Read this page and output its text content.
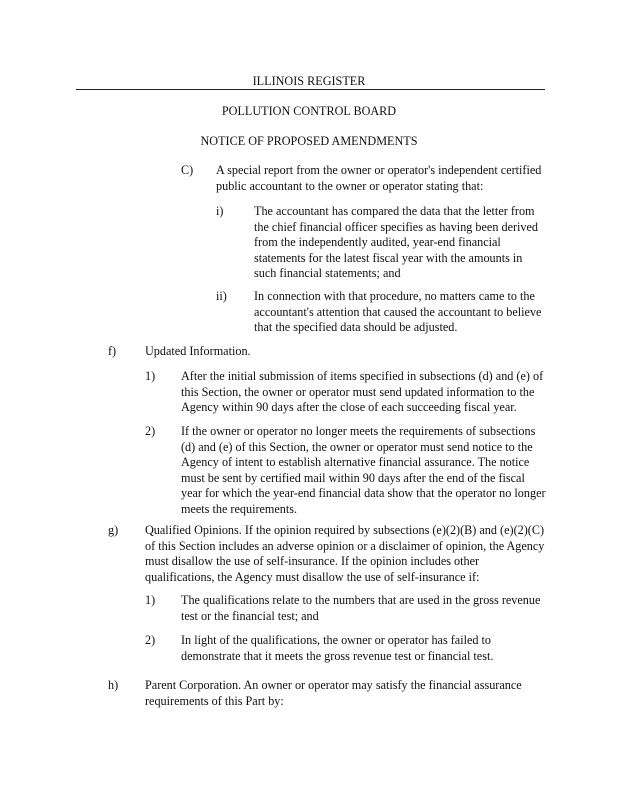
ILLINOIS REGISTER
POLLUTION CONTROL BOARD
NOTICE OF PROPOSED AMENDMENTS
C) A special report from the owner or operator's independent certified
public accountant to the owner or operator stating that:
i)	The accountant has compared the data that the letter from
the chief financial officer specifies as having been derived
from the independently audited, year-end financial
statements for the latest fiscal year with the amounts in
such financial statements; and
ii) In connection with that procedure, no matters came to the
accountant's attention that caused the accountant to believe
that the specified data should be adjusted.
f) Updated Information.
1) After the initial submission of items specified in subsections (d) and (e) of
this Section, the owner or operator must send updated information to the
Agency within 90 days after the close of each succeeding fiscal year.
2) If the owner or operator no longer meets the requirements of subsections
(d) and (e) of this Section, the owner or operator must send notice to the
Agency of intent to establish alternative financial assurance. The notice
must be sent by certified mail within 90 days after the end of the fiscal
year for which the year-end financial data show that the operator no longer
meets the requirements.
g) Qualified Opinions. If the opinion required by subsections (e)(2)(B) and (e)(2)(C)
of this Section includes an adverse opinion or a disclaimer of opinion, the Agency
must disallow the use of self-insurance. If the opinion includes other
qualifications, the Agency must disallow the use of self-insurance if:
1) The qualifications relate to the numbers that are used in the gross revenue
test or the financial test; and
2) In light of the qualifications, the owner or operator has failed to
demonstrate that it meets the gross revenue test or financial test.
h) Parent Corporation. An owner or operator may satisfy the financial assurance
requirements of this Part by:
